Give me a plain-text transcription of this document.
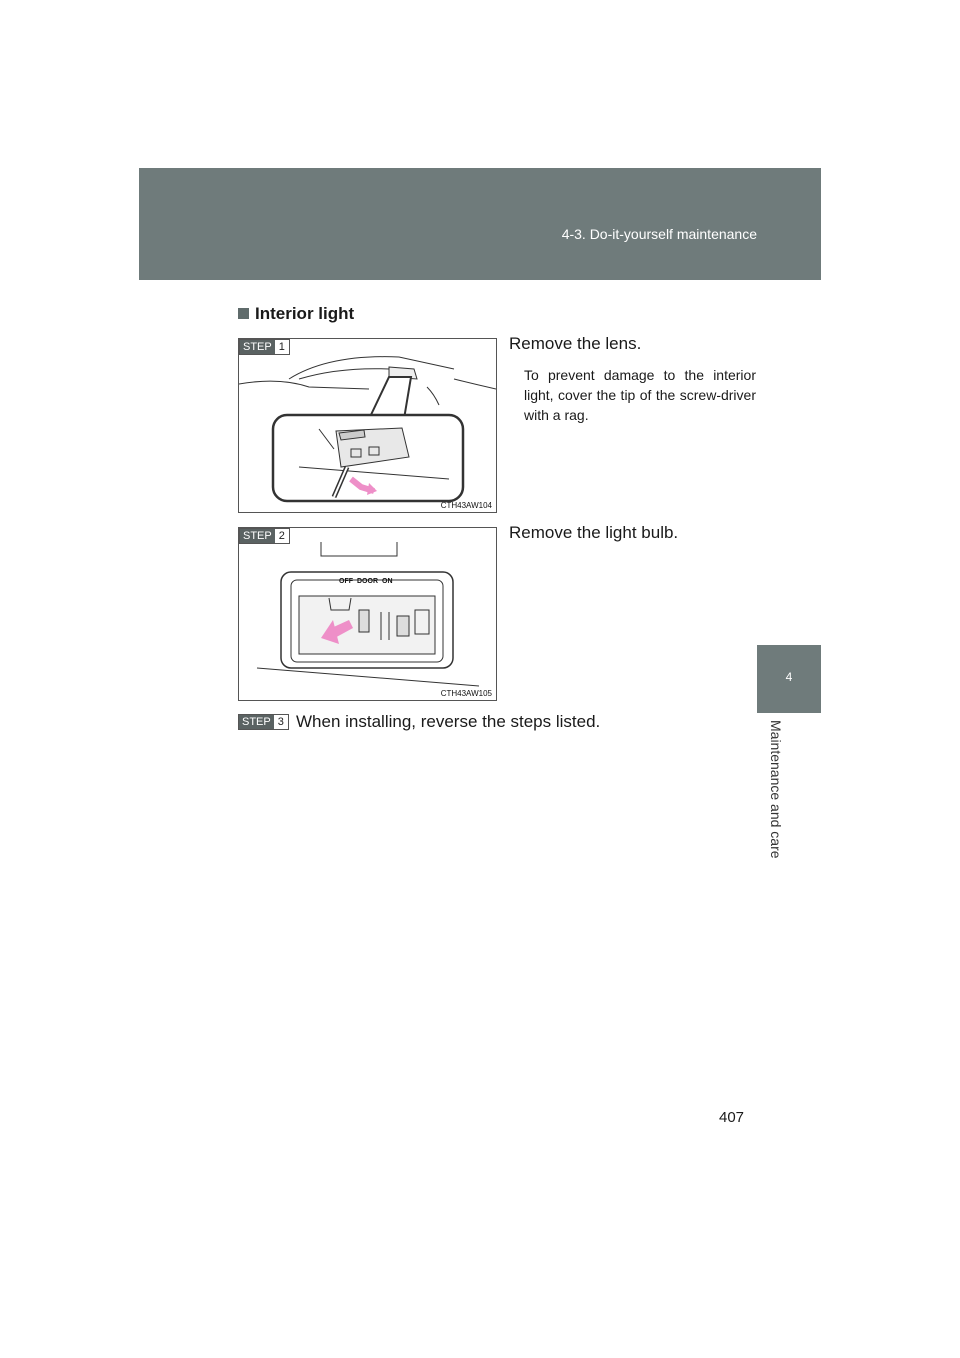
4-3. Do-it-yourself maintenance
4
Maintenance and care
Interior light
STEP 1
CTH43AW104
Remove the lens.
To prevent damage to the interior light, cover the tip of the screw-driver with a rag.
STEP 2
OFF DOOR ON
CTH43AW105
Remove the light bulb.
STEP 3 When installing, reverse the steps listed.
407
